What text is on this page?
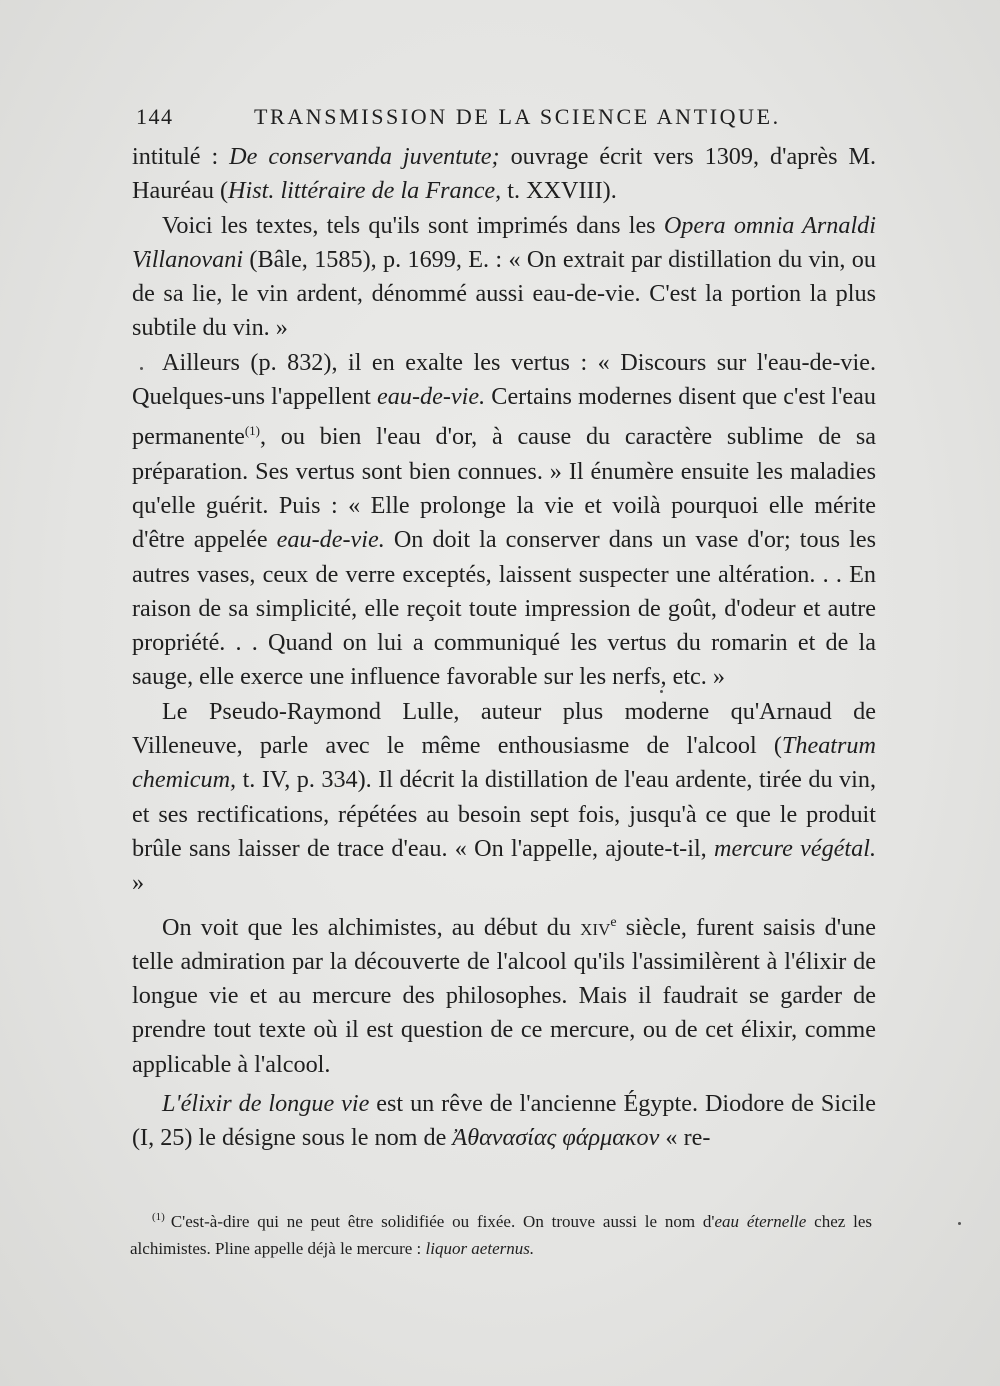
144	TRANSMISSION DE LA SCIENCE ANTIQUE.

intitulé : De conservanda juventute; ouvrage écrit vers 1309, d'après M. Hauréau (Hist. littéraire de la France, t. XXVIII).

Voici les textes, tels qu'ils sont imprimés dans les Opera omnia Arnaldi Villanovani (Bâle, 1585), p. 1699, E. : « On extrait par distillation du vin, ou de sa lie, le vin ardent, dénommé aussi eau-de-vie. C'est la portion la plus subtile du vin. »

Ailleurs (p. 832), il en exalte les vertus : « Discours sur l'eau-de-vie. Quelques-uns l'appellent eau-de-vie. Certains modernes disent que c'est l'eau permanente$^{(1)}$, ou bien l'eau d'or, à cause du caractère sublime de sa préparation. Ses vertus sont bien connues. » Il énumère ensuite les maladies qu'elle guérit. Puis : « Elle prolonge la vie et voilà pourquoi elle mérite d'être appelée eau-de-vie. On doit la conserver dans un vase d'or; tous les autres vases, ceux de verre exceptés, laissent suspecter une altération. . . En raison de sa simplicité, elle reçoit toute impression de goût, d'odeur et autre propriété. . . Quand on lui a communiqué les vertus du romarin et de la sauge, elle exerce une influence favorable sur les nerfs, etc. »

Le Pseudo-Raymond Lulle, auteur plus moderne qu'Arnaud de Villeneuve, parle avec le même enthousiasme de l'alcool (Theatrum chemicum, t. IV, p. 334). Il décrit la distillation de l'eau ardente, tirée du vin, et ses rectifications, répétées au besoin sept fois, jusqu'à ce que le produit brûle sans laisser de trace d'eau. « On l'appelle, ajoute-t-il, mercure végétal. »

On voit que les alchimistes, au début du xiv$^e$ siècle, furent saisis d'une telle admiration par la découverte de l'alcool qu'ils l'assimilèrent à l'élixir de longue vie et au mercure des philosophes. Mais il faudrait se garder de prendre tout texte où il est question de ce mercure, ou de cet élixir, comme applicable à l'alcool.

L'élixir de longue vie est un rêve de l'ancienne Égypte. Diodore de Sicile (I, 25) le désigne sous le nom de Ἀθανασίας φάρμακον « re-

$^{(1)}$ C'est-à-dire qui ne peut être solidifiée ou fixée. On trouve aussi le nom d'eau éternelle chez les alchimistes. Pline appelle déjà le mercure : liquor aeternus.
